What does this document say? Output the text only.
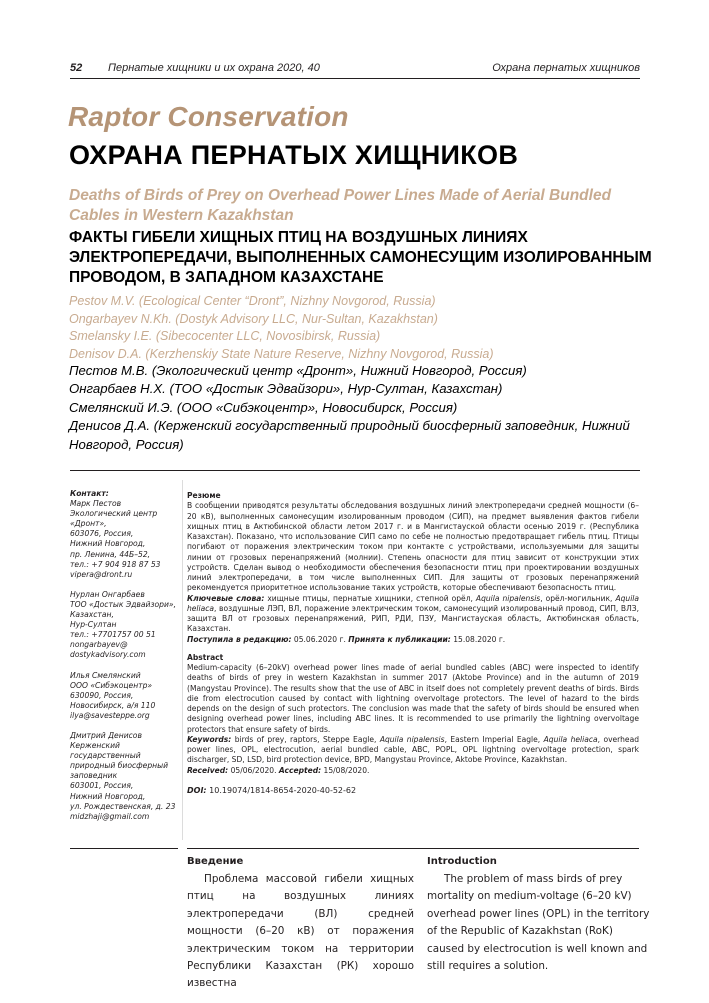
52 Пернатые хищники и их охрана 2020, 40	Охрана пернатых хищников
Raptor Conservation
ОХРАНА ПЕРНАТЫХ ХИЩНИКОВ
Deaths of Birds of Prey on Overhead Power Lines Made of Aerial Bundled Cables in Western Kazakhstan
ФАКТЫ ГИБЕЛИ ХИЩНЫХ ПТИЦ НА ВОЗДУШНЫХ ЛИНИЯХ ЭЛЕКТРОПЕРЕДАЧИ, ВЫПОЛНЕННЫХ САМОНЕСУЩИМ ИЗОЛИРОВАННЫМ ПРОВОДОМ, В ЗАПАДНОМ КАЗАХСТАНЕ
Pestov M.V. (Ecological Center “Dront”, Nizhny Novgorod, Russia)
Ongarbayev N.Kh. (Dostyk Advisory LLC, Nur-Sultan, Kazakhstan)
Smelansky I.E. (Sibecocenter LLC, Novosibirsk, Russia)
Denisov D.A. (Kerzhenskiy State Nature Reserve, Nizhny Novgorod, Russia)
Пестов М.В. (Экологический центр «Дронт», Нижний Новгород, Россия)
Онгарбаев Н.Х. (ТОО «Достык Эдвайзори», Нур-Султан, Казахстан)
Смелянский И.Э. (ООО «Сибэкоцентр», Новосибирск, Россия)
Денисов Д.А. (Керженский государственный природный биосферный заповедник, Нижний Новгород, Россия)
Контакт:
Марк Пестов
Экологический центр «Дронт»,
603076, Россия,
Нижний Новгород,
пр. Ленина, 44Б–52,
тел.: +7 904 918 87 53
vipera@dront.ru
Нурлан Онгарбаев
ТОО «Достык Эдвайзори», Казахстан,
Нур-Султан
тел.: +7701757 00 51
nongarbayev@
dostykadvisory.com
Илья Смелянский
ООО «Сибэкоцентр»
630090, Россия,
Новосибирск, а/я 110
ilya@savesteppe.org
Дмитрий Денисов
Керженский государственный природный биосферный заповедник
603001, Россия,
Нижний Новгород,
ул. Рождественская, д. 23
midzhaji@gmail.com
Резюме

В сообщении приводятся результаты обследования воздушных линий электропередачи средней мощности (6–20 кВ), выполненных самонесущим изолированным проводом (СИП), на предмет выявления фактов гибели хищных птиц в Актюбинской области летом 2017 г. и в Мангистауской области осенью 2019 г. (Республика Казахстан). Показано, что использование СИП само по себе не полностью предотвращает гибель птиц. Птицы погибают от поражения электрическим током при контакте с устройствами, используемыми для защиты линии от грозовых перенапряжений (молнии). Степень опасности для птиц зависит от конструкции этих устройств. Сделан вывод о необходимости обеспечения безопасности птиц при проектировании воздушных линий электропередачи, в том числе выполненных СИП. Для защиты от грозовых перенапряжений рекомендуется приоритетное использование таких устройств, которые обеспечивают безопасность птиц.

Ключевые слова: хищные птицы, пернатые хищники, степной орёл, Aquila nipalensis, орёл-могильник, Aquila heliaca, воздушные ЛЭП, ВЛ, поражение электрическим током, самонесущий изолированный провод, СИП, ВЛЗ, защита ВЛ от грозовых перенапряжений, РИП, РДИ, ПЗУ, Мангистауская область, Актюбинская область, Казахстан.

Поступила в редакцию: 05.06.2020 г. Принята к публикации: 15.08.2020 г.

Abstract

Medium-capacity (6–20kV) overhead power lines made of aerial bundled cables (ABC) were inspected to identify deaths of birds of prey in western Kazakhstan in summer 2017 (Aktobe Province) and in the autumn of 2019 (Mangystau Province). The results show that the use of ABC in itself does not completely prevent deaths of birds. Birds die from electrocution caused by contact with lightning overvoltage protectors. The level of hazard to the birds depends on the design of such protectors. The conclusion was made that the safety of birds should be ensured when designing overhead power lines, including ABC lines. It is recommended to use primarily the lightning overvoltage protectors that ensure safety of birds.

Keywords: birds of prey, raptors, Steppe Eagle, Aquila nipalensis, Eastern Imperial Eagle, Aquila heliaca, overhead power lines, OPL, electrocution, aerial bundled cable, ABC, POPL, OPL lightning overvoltage protection, spark discharger, SD, LSD, bird protection device, BPD, Mangystau Province, Aktobe Province, Kazakhstan.

Received: 05/06/2020. Accepted: 15/08/2020.

DOI: 10.19074/1814-8654-2020-40-52-62

Введение

Проблема массовой гибели хищных птиц на воздушных линиях электропередачи (ВЛ) средней мощности (6–20 кВ) от поражения электрическим током на территории Республики Казахстан (РК) хорошо известна

Introduction

The problem of mass birds of prey mortality on medium-voltage (6–20 kV) overhead power lines (OPL) in the territory of the Republic of Kazakhstan (RoK) caused by electrocution is well known and still requires a solution.
